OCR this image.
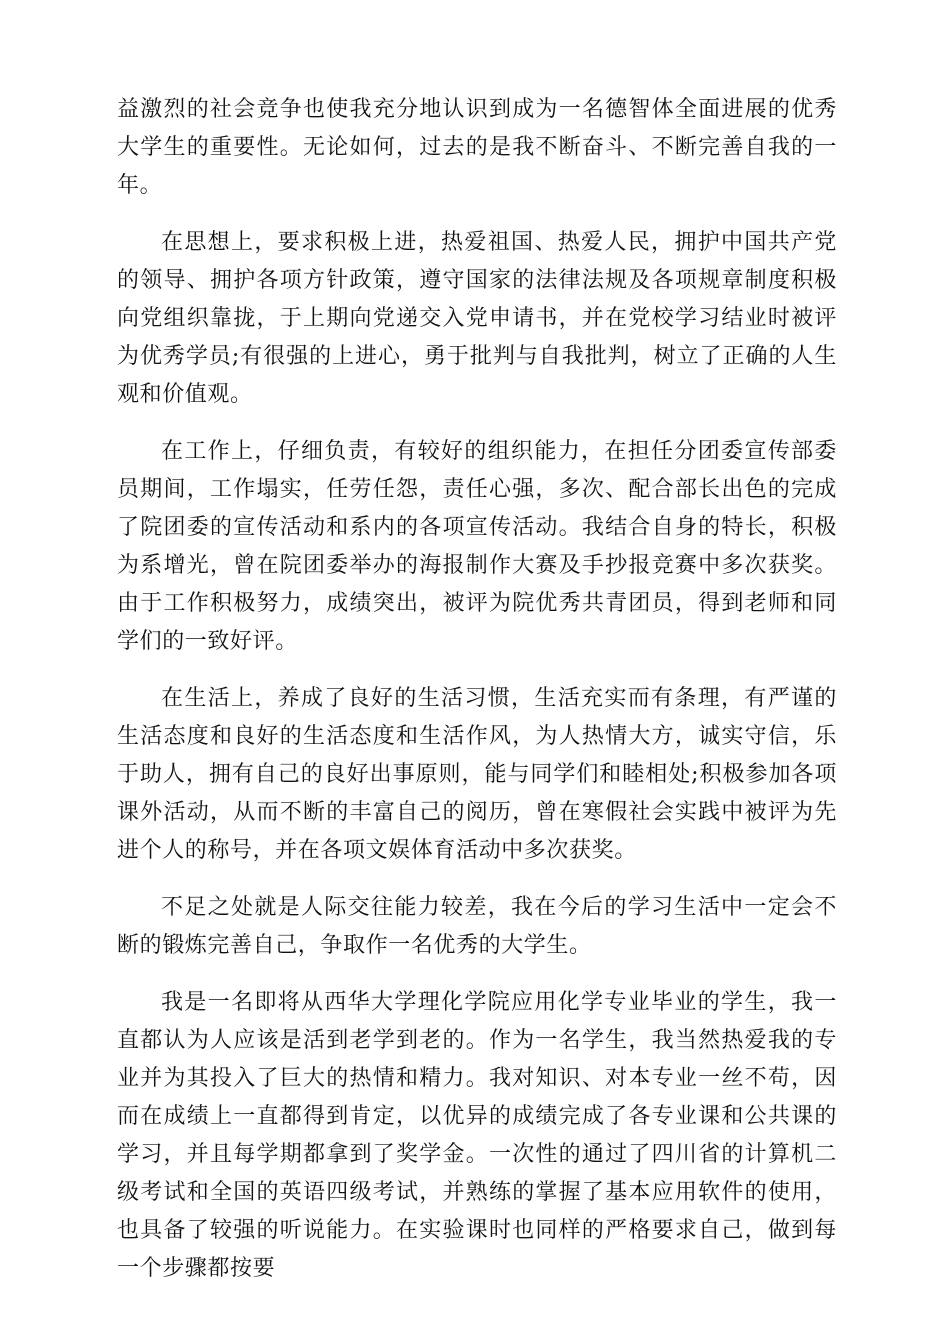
益激烈的社会竞争也使我充分地认识到成为一名德智体全面进展的优秀大学生的重要性。无论如何，过去的是我不断奋斗、不断完善自我的一年。

在思想上，要求积极上进，热爱祖国、热爱人民，拥护中国共产党的领导、拥护各项方针政策，遵守国家的法律法规及各项规章制度积极向党组织靠拢，于上期向党递交入党申请书，并在党校学习结业时被评为优秀学员;有很强的上进心，勇于批判与自我批判，树立了正确的人生观和价值观。

在工作上，仔细负责，有较好的组织能力，在担任分团委宣传部委员期间，工作塌实，任劳任怨，责任心强，多次、配合部长出色的完成了院团委的宣传活动和系内的各项宣传活动。我结合自身的特长，积极为系增光，曾在院团委举办的海报制作大赛及手抄报竞赛中多次获奖。由于工作积极努力，成绩突出，被评为院优秀共青团员，得到老师和同学们的一致好评。

在生活上，养成了良好的生活习惯，生活充实而有条理，有严谨的生活态度和良好的生活态度和生活作风，为人热情大方，诚实守信，乐于助人，拥有自己的良好出事原则，能与同学们和睦相处;积极参加各项课外活动，从而不断的丰富自己的阅历，曾在寒假社会实践中被评为先进个人的称号，并在各项文娱体育活动中多次获奖。

不足之处就是人际交往能力较差，我在今后的学习生活中一定会不断的锻炼完善自己，争取作一名优秀的大学生。

我是一名即将从西华大学理化学院应用化学专业毕业的学生，我一直都认为人应该是活到老学到老的。作为一名学生，我当然热爱我的专业并为其投入了巨大的热情和精力。我对知识、对本专业一丝不苟，因而在成绩上一直都得到肯定，以优异的成绩完成了各专业课和公共课的学习，并且每学期都拿到了奖学金。一次性的通过了四川省的计算机二级考试和全国的英语四级考试，并熟练的掌握了基本应用软件的使用，也具备了较强的听说能力。在实验课时也同样的严格要求自己，做到每一个步骤都按要
